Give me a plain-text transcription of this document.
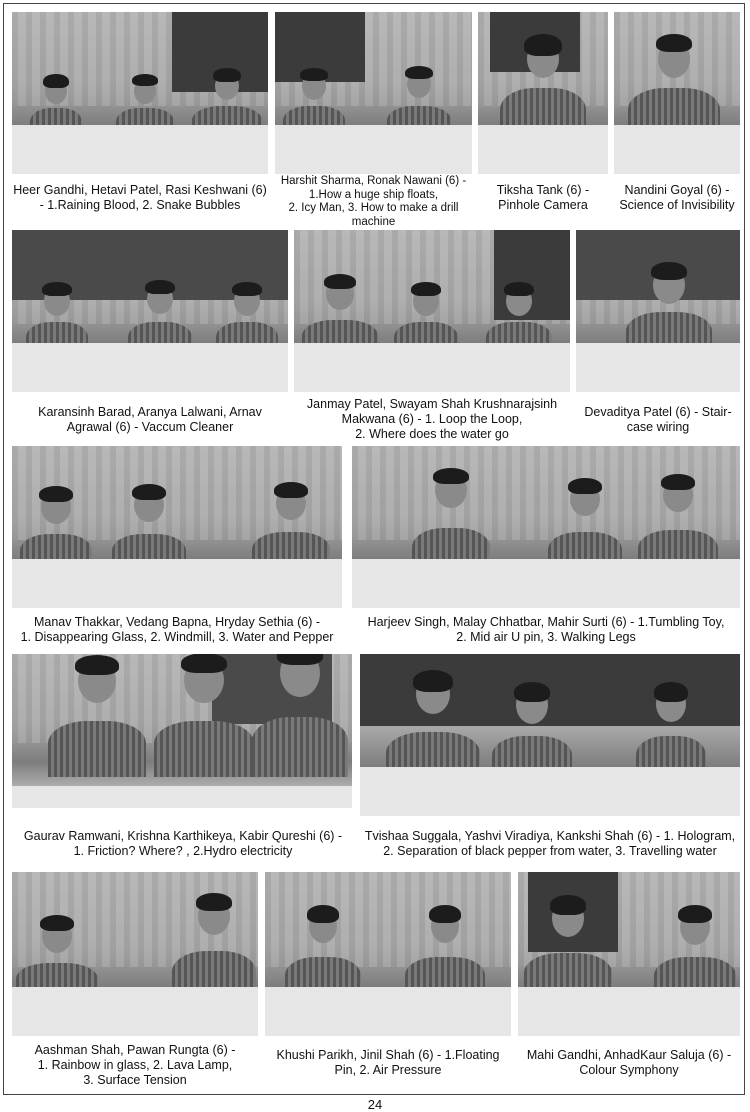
Heer Gandhi, Hetavi Patel, Rasi Keshwani (6)
- 1.Raining Blood, 2. Snake Bubbles
Harshit Sharma, Ronak Nawani (6) -
1.How a huge ship floats,
2. Icy Man, 3. How to make a drill
machine
Tiksha Tank (6) -
Pinhole Camera
Nandini Goyal (6) -
Science of Invisibility
Karansinh Barad, Aranya Lalwani, Arnav
Agrawal (6) - Vaccum Cleaner
Janmay Patel, Swayam Shah Krushnarajsinh
Makwana (6) - 1. Loop the Loop,
2. Where does the water go
Devaditya Patel (6) - Stair-
case wiring
Manav Thakkar, Vedang Bapna, Hryday Sethia (6) -
1. Disappearing Glass, 2. Windmill, 3. Water and Pepper
Harjeev Singh, Malay Chhatbar, Mahir Surti (6) - 1.Tumbling Toy,
2. Mid air U pin, 3. Walking Legs
Gaurav Ramwani, Krishna Karthikeya, Kabir Qureshi (6) -
1. Friction? Where? , 2.Hydro electricity
Tvishaa Suggala, Yashvi Viradiya, Kankshi Shah (6) - 1. Hologram,
2. Separation of black pepper from water, 3. Travelling water
Aashman Shah, Pawan Rungta (6) -
1. Rainbow in glass, 2. Lava Lamp,
3. Surface Tension
Khushi Parikh, Jinil Shah (6) - 1.Floating
Pin, 2. Air Pressure
Mahi Gandhi, AnhadKaur Saluja (6) -
Colour Symphony
24
